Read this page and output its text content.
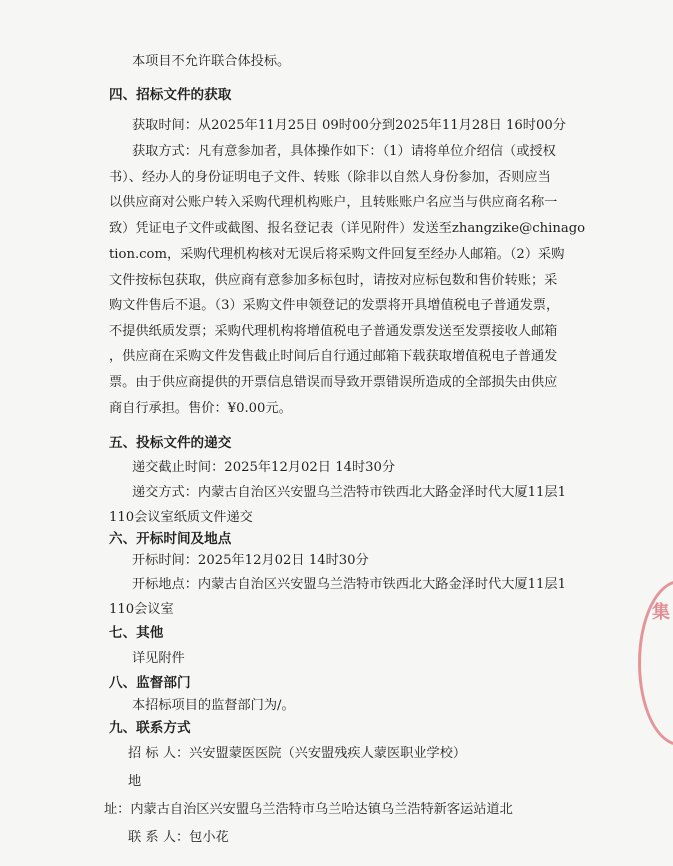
本项目不允许联合体投标。
四、招标文件的获取
获取时间：从2025年11月25日 09时00分到2025年11月28日 16时00分
获取方式：凡有意参加者，具体操作如下：（1）请将单位介绍信（或授权
书）、经办人的身份证明电子文件、转账（除非以自然人身份参加，否则应当
以供应商对公账户转入采购代理机构账户，且转账账户名应当与供应商名称一
致）凭证电子文件或截图、报名登记表（详见附件）发送至zhangzike@chinago
tion.com，采购代理机构核对无误后将采购文件回复至经办人邮箱。（2）采购
文件按标包获取，供应商有意参加多标包时，请按对应标包数和售价转账；采
购文件售后不退。（3）采购文件申领登记的发票将开具增值税电子普通发票，
不提供纸质发票；采购代理机构将增值税电子普通发票发送至发票接收人邮箱
，供应商在采购文件发售截止时间后自行通过邮箱下载获取增值税电子普通发
票。由于供应商提供的开票信息错误而导致开票错误所造成的全部损失由供应
商自行承担。售价：¥0.00元。
五、投标文件的递交
递交截止时间：2025年12月02日 14时30分
递交方式：内蒙古自治区兴安盟乌兰浩特市铁西北大路金泽时代大厦11层1
110会议室纸质文件递交
六、开标时间及地点
开标时间：2025年12月02日 14时30分
开标地点：内蒙古自治区兴安盟乌兰浩特市铁西北大路金泽时代大厦11层1
110会议室
七、其他
详见附件
八、监督部门
本招标项目的监督部门为/。
九、联系方式
招 标 人：兴安盟蒙医医院（兴安盟残疾人蒙医职业学校）
地
址：内蒙古自治区兴安盟乌兰浩特市乌兰哈达镇乌兰浩特新客运站道北
联 系 人：包小花
集
